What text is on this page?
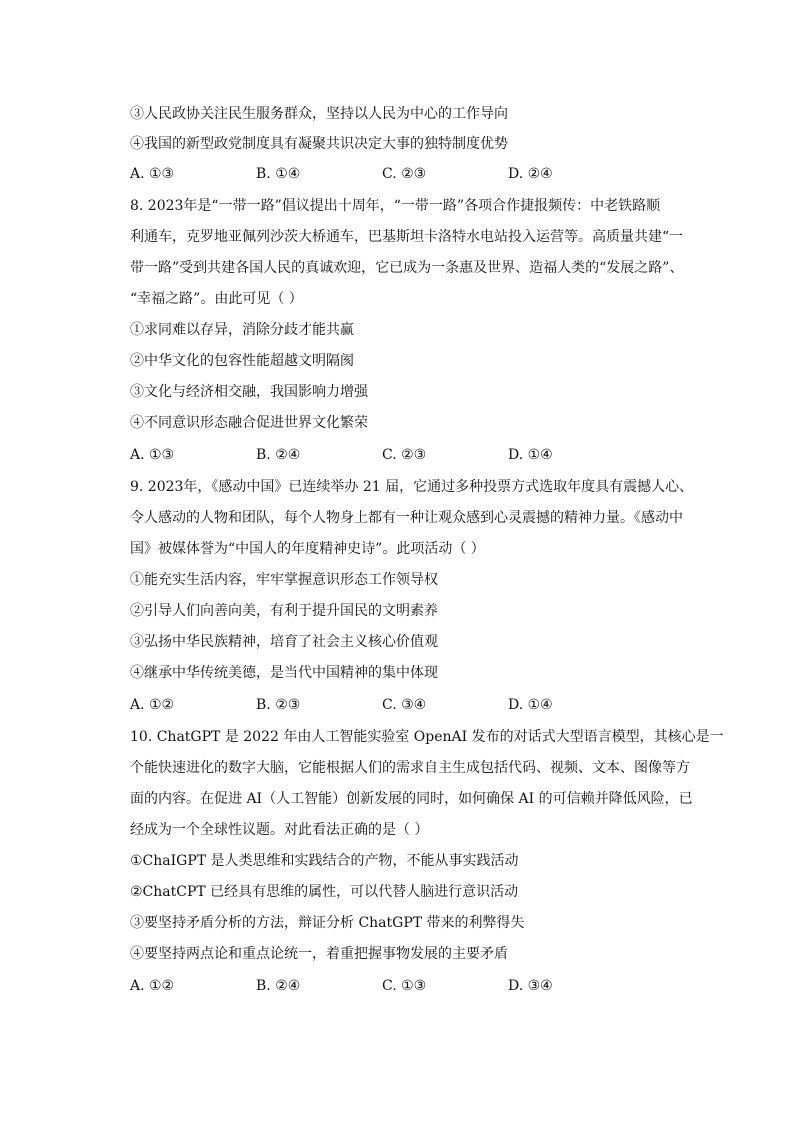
③人民政协关注民生服务群众，坚持以人民为中心的工作导向
④我国的新型政党制度具有凝聚共识决定大事的独特制度优势
A. ①③	B. ①④	C. ②③	D. ②④
8. 2023年是“一带一路”倡议提出十周年，“一带一路”各项合作捷报频传：中老铁路顺
利通车，克罗地亚佩列沙茨大桥通车，巴基斯坦卡洛特水电站投入运营等。高质量共建“一
带一路”受到共建各国人民的真诚欢迎，它已成为一条惠及世界、造福人类的“发展之路”、
“幸福之路”。由此可见（ ）
①求同难以存异，消除分歧才能共赢
②中华文化的包容性能超越文明隔阂
③文化与经济相交融，我国影响力增强
④不同意识形态融合促进世界文化繁荣
A. ①③	B. ②④	C. ②③	D. ①④
9. 2023年，《感动中国》已连续举办 21 届，它通过多种投票方式选取年度具有震撼人心、
令人感动的人物和团队，每个人物身上都有一种让观众感到心灵震撼的精神力量。《感动中
国》被媒体誉为“中国人的年度精神史诗”。此项活动（ ）
①能充实生活内容，牢牢掌握意识形态工作领导权
②引导人们向善向美，有利于提升国民的文明素养
③弘扬中华民族精神，培育了社会主义核心价值观
④继承中华传统美德，是当代中国精神的集中体现
A. ①②	B. ②③	C. ③④	D. ①④
10. ChatGPT 是 2022 年由人工智能实验室 OpenAI 发布的对话式大型语言模型，其核心是一
个能快速进化的数字大脑，它能根据人们的需求自主生成包括代码、视频、文本、图像等方
面的内容。在促进 AI（人工智能）创新发展的同时，如何确保 AI 的可信赖并降低风险，已
经成为一个全球性议题。对此看法正确的是（ ）
①ChaIGPT 是人类思维和实践结合的产物，不能从事实践活动
②ChatCPT 已经具有思维的属性，可以代替人脑进行意识活动
③要坚持矛盾分析的方法，辩证分析 ChatGPT 带来的利弊得失
④要坚持两点论和重点论统一，着重把握事物发展的主要矛盾
A. ①②	B. ②④	C. ①③	D. ③④
